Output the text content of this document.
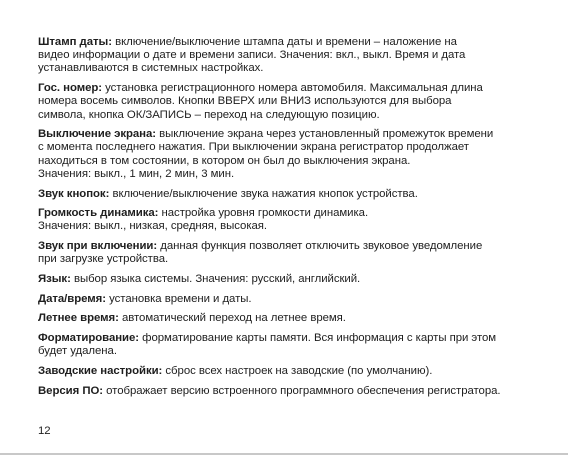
Штамп даты: включение/выключение штампа даты и времени – наложение на
видео информации о дате и времени записи. Значения: вкл., выкл. Время и дата
устанавливаются в системных настройках.
Гос. номер: установка регистрационного номера автомобиля. Максимальная длина
номера восемь символов. Кнопки ВВЕРХ или ВНИЗ используются для выбора
символа, кнопка ОК/ЗАПИСЬ – переход на следующую позицию.
Выключение экрана: выключение экрана через установленный промежуток времени
с момента последнего нажатия. При выключении экрана регистратор продолжает
находиться в том состоянии, в котором он был до выключения экрана.
Значения: выкл., 1 мин, 2 мин, 3 мин.
Звук кнопок: включение/выключение звука нажатия кнопок устройства.
Громкость динамика: настройка уровня громкости динамика.
Значения: выкл., низкая, средняя, высокая.
Звук при включении: данная функция позволяет отключить звуковое уведомление
при загрузке устройства.
Язык: выбор языка системы. Значения: русский, английский.
Дата/время: установка времени и даты.
Летнее время: автоматический переход на летнее время.
Форматирование: форматирование карты памяти. Вся информация с карты при этом
будет удалена.
Заводские настройки: сброс всех настроек на заводские (по умолчанию).
Версия ПО: отображает версию встроенного программного обеспечения регистратора.
12
